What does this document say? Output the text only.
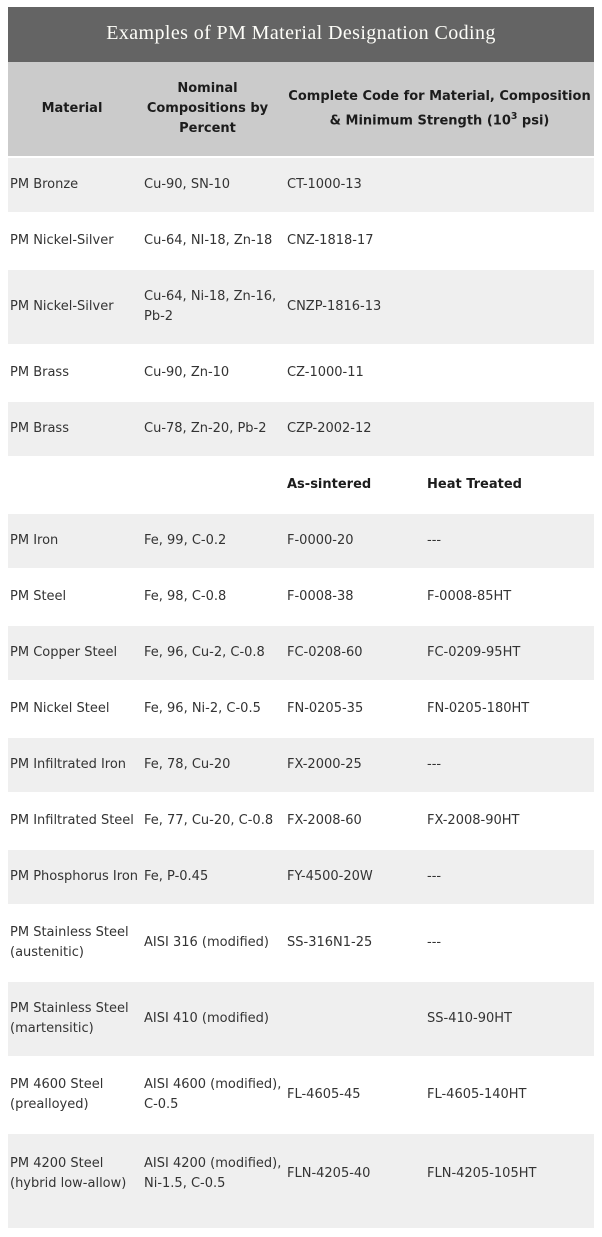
Examples of PM Material Designation Coding
Material	Nominal Compositions by Percent	Complete Code for Material, Composition & Minimum Strength ($10^3$ psi)	
PM Bronze	Cu-90, SN-10	CT-1000-13	
PM Nickel-Silver	Cu-64, NI-18, Zn-18	CNZ-1818-17	
PM Nickel-Silver	Cu-64, Ni-18, Zn-16, Pb-2	CNZP-1816-13	
PM Brass	Cu-90, Zn-10	CZ-1000-11	
PM Brass	Cu-78, Zn-20, Pb-2	CZP-2002-12	
		As-sintered	Heat Treated
PM Iron	Fe, 99, C-0.2	F-0000-20	---
PM Steel	Fe, 98, C-0.8	F-0008-38	F-0008-85HT
PM Copper Steel	Fe, 96, Cu-2, C-0.8	FC-0208-60	FC-0209-95HT
PM Nickel Steel	Fe, 96, Ni-2, C-0.5	FN-0205-35	FN-0205-180HT
PM Infiltrated Iron	Fe, 78, Cu-20	FX-2000-25	---
PM Infiltrated Steel	Fe, 77, Cu-20, C-0.8	FX-2008-60	FX-2008-90HT
PM Phosphorus Iron	Fe, P-0.45	FY-4500-20W	---
PM Stainless Steel (austenitic)	AISI 316 (modified)	SS-316N1-25	---
PM Stainless Steel (martensitic)	AISI 410 (modified)		SS-410-90HT
PM 4600 Steel (prealloyed)	AISI 4600 (modified), C-0.5	FL-4605-45	FL-4605-140HT
PM 4200 Steel (hybrid low-allow)	AISI 4200 (modified), Ni-1.5, C-0.5	FLN-4205-40	FLN-4205-105HT
